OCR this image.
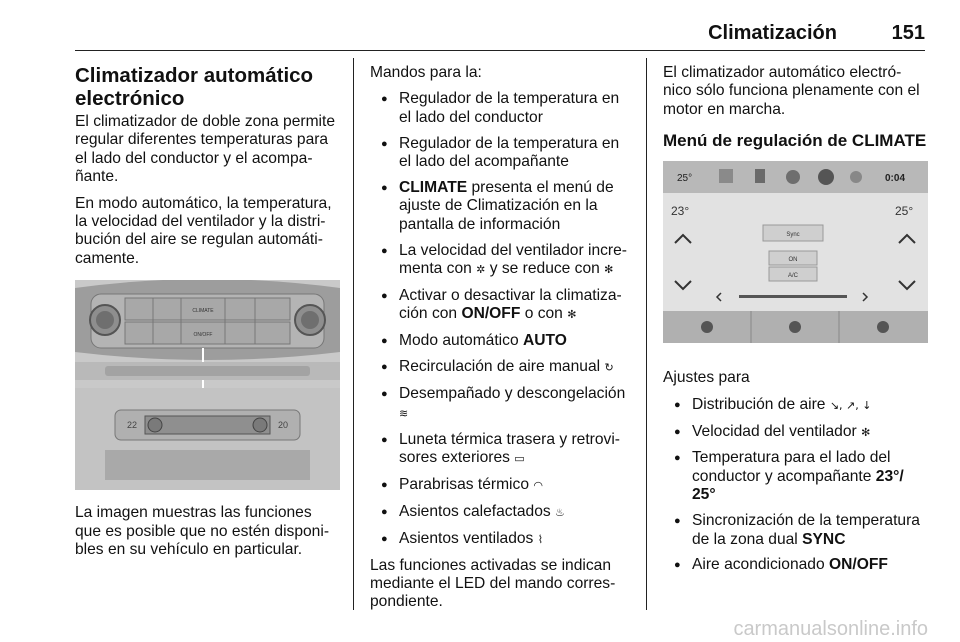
Climatización	151
Climatizador automático electrónico

El climatizador de doble zona permite regular diferentes temperaturas para el lado del conductor y el acompa-ñante.

En modo automático, la temperatura, la velocidad del ventilador y la distri-bución del aire se regulan automáti-camente.

CLIMATE
ON/OFF
22	20

La imagen muestras las funciones que es posible que no estén disponi-bles en su vehículo en particular.

Mandos para la:

● Regulador de la temperatura en el lado del conductor
● Regulador de la temperatura en el lado del acompañante
● CLIMATE presenta el menú de ajuste de Climatización en la pantalla de información
● La velocidad del ventilador incre-menta con ✲ y se reduce con ✻
● Activar o desactivar la climatiza-ción con ON/OFF o con ✻
● Modo automático AUTO
● Recirculación de aire manual ↻
● Desempañado y descongelación
≋
● Luneta térmica trasera y retrovi-sores exteriores ▭
● Parabrisas térmico ◠
● Asientos calefactados ♨
● Asientos ventilados ⌇

Las funciones activadas se indican mediante el LED del mando corres-pondiente.

El climatizador automático electró-nico sólo funciona plenamente con el motor en marcha.

Menú de regulación de CLIMATE
25°	0:04
23°	25°
Sync
ON
A/C

Ajustes para

● Distribución de aire ↘, ↗, ↓
● Velocidad del ventilador ✻
● Temperatura para el lado del conductor y acompañante 23°/ 25°
● Sincronización de la temperatura de la zona dual SYNC
● Aire acondicionado ON/OFF
carmanualsonline.info
